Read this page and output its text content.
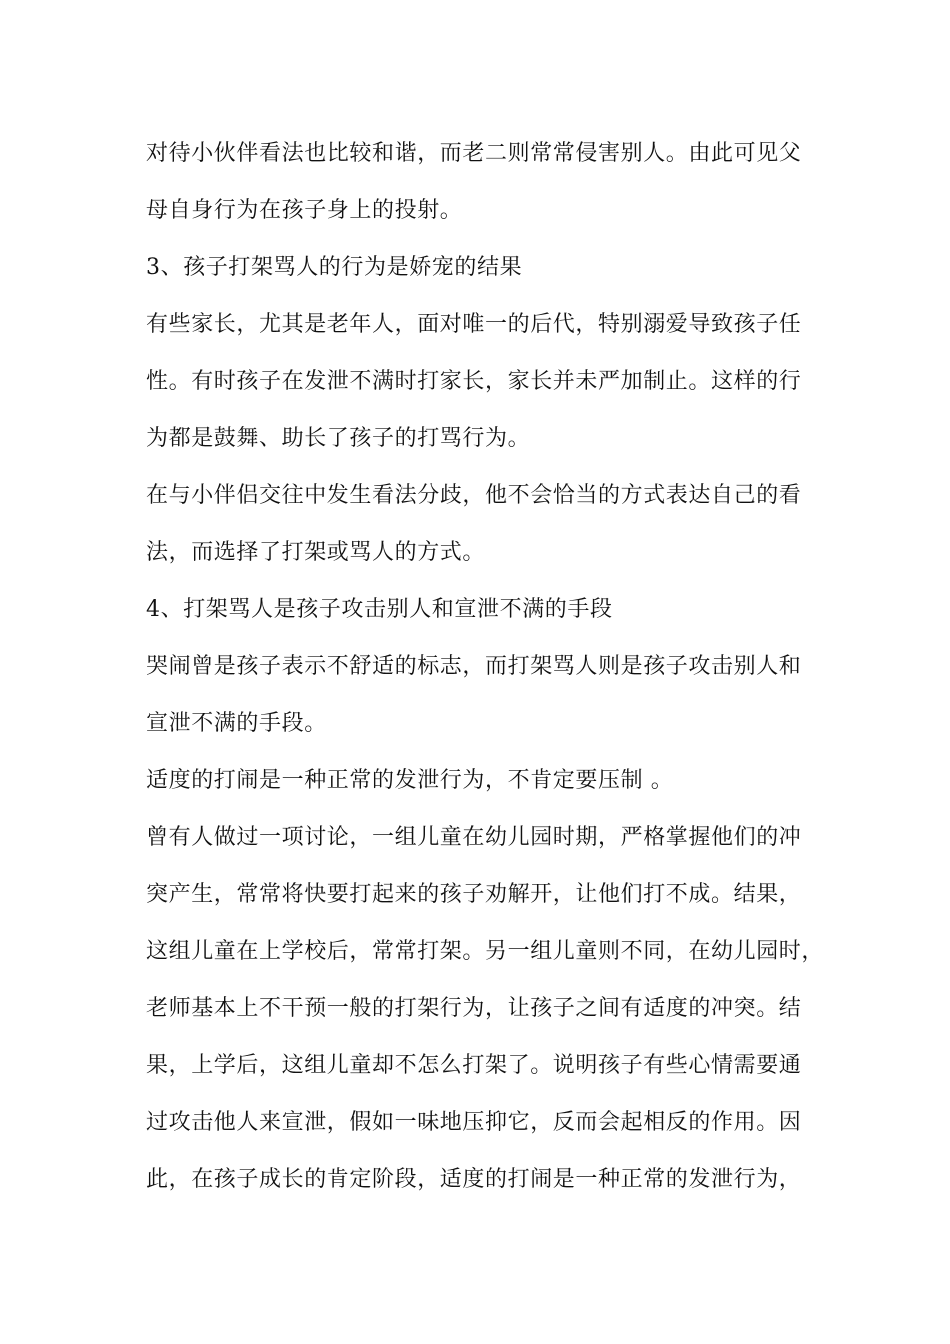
对待小伙伴看法也比较和谐，而老二则常常侵害别人。由此可见父
母自身行为在孩子身上的投射。
3、孩子打架骂人的行为是娇宠的结果
有些家长，尤其是老年人，面对唯一的后代，特别溺爱导致孩子任
性。有时孩子在发泄不满时打家长，家长并未严加制止。这样的行
为都是鼓舞、助长了孩子的打骂行为。
在与小伴侣交往中发生看法分歧，他不会恰当的方式表达自己的看
法，而选择了打架或骂人的方式。
4、打架骂人是孩子攻击别人和宣泄不满的手段
哭闹曾是孩子表示不舒适的标志，而打架骂人则是孩子攻击别人和
宣泄不满的手段。
适度的打闹是一种正常的发泄行为，不肯定要压制 。
曾有人做过一项讨论，一组儿童在幼儿园时期，严格掌握他们的冲
突产生，常常将快要打起来的孩子劝解开，让他们打不成。结果，
这组儿童在上学校后，常常打架。另一组儿童则不同，在幼儿园时，
老师基本上不干预一般的打架行为，让孩子之间有适度的冲突。结
果，上学后，这组儿童却不怎么打架了。说明孩子有些心情需要通
过攻击他人来宣泄，假如一味地压抑它，反而会起相反的作用。因
此，在孩子成长的肯定阶段，适度的打闹是一种正常的发泄行为，
